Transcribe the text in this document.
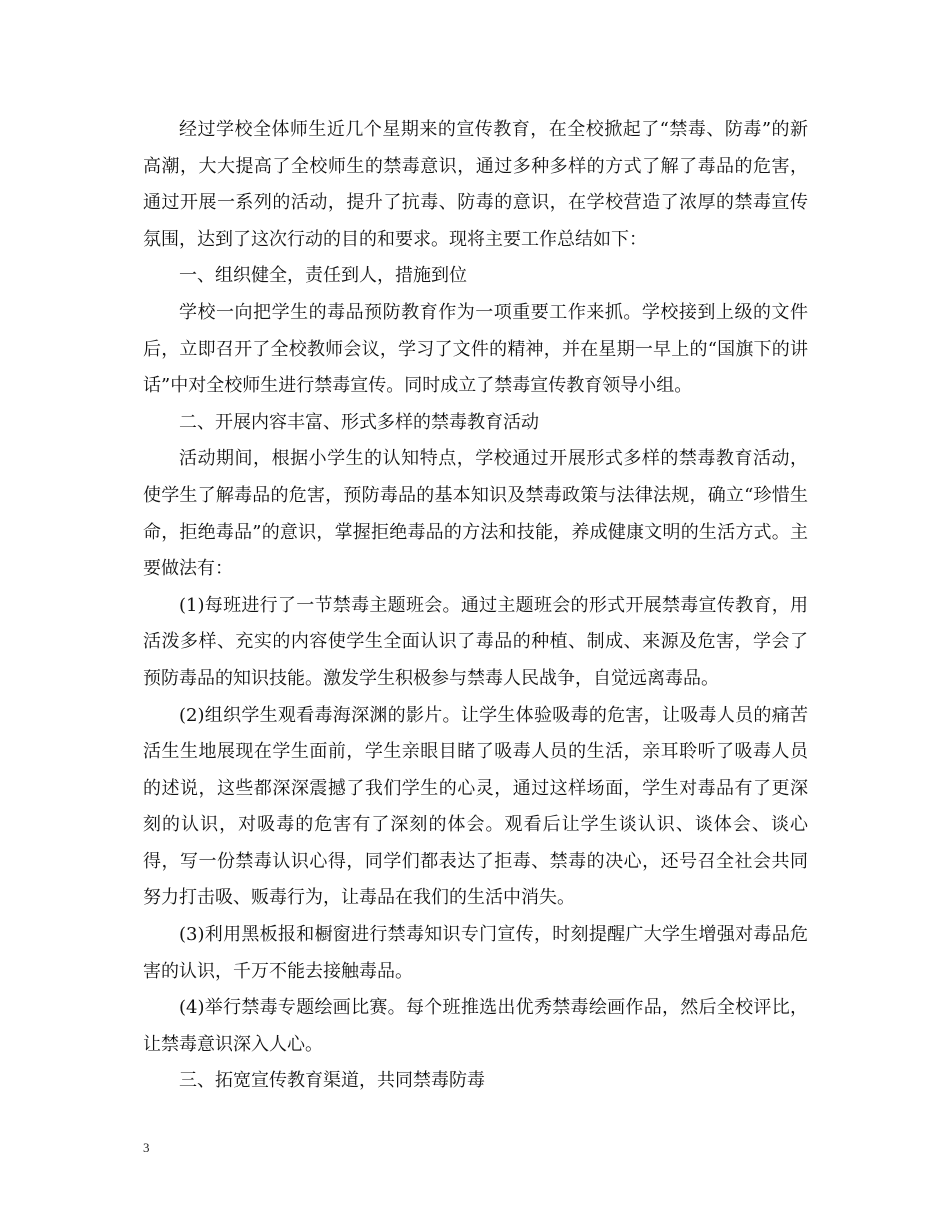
经过学校全体师生近几个星期来的宣传教育，在全校掀起了“禁毒、防毒”的新高潮，大大提高了全校师生的禁毒意识，通过多种多样的方式了解了毒品的危害，通过开展一系列的活动，提升了抗毒、防毒的意识，在学校营造了浓厚的禁毒宣传氛围，达到了这次行动的目的和要求。现将主要工作总结如下：

一、组织健全，责任到人，措施到位

学校一向把学生的毒品预防教育作为一项重要工作来抓。学校接到上级的文件后，立即召开了全校教师会议，学习了文件的精神，并在星期一早上的“国旗下的讲话”中对全校师生进行禁毒宣传。同时成立了禁毒宣传教育领导小组。

二、开展内容丰富、形式多样的禁毒教育活动

活动期间，根据小学生的认知特点，学校通过开展形式多样的禁毒教育活动，使学生了解毒品的危害，预防毒品的基本知识及禁毒政策与法律法规，确立“珍惜生命，拒绝毒品”的意识，掌握拒绝毒品的方法和技能，养成健康文明的生活方式。主要做法有：

(1)每班进行了一节禁毒主题班会。通过主题班会的形式开展禁毒宣传教育，用活泼多样、充实的内容使学生全面认识了毒品的种植、制成、来源及危害，学会了预防毒品的知识技能。激发学生积极参与禁毒人民战争，自觉远离毒品。

(2)组织学生观看毒海深渊的影片。让学生体验吸毒的危害，让吸毒人员的痛苦活生生地展现在学生面前，学生亲眼目睹了吸毒人员的生活，亲耳聆听了吸毒人员的述说，这些都深深震撼了我们学生的心灵，通过这样场面，学生对毒品有了更深刻的认识，对吸毒的危害有了深刻的体会。观看后让学生谈认识、谈体会、谈心得，写一份禁毒认识心得，同学们都表达了拒毒、禁毒的决心，还号召全社会共同努力打击吸、贩毒行为，让毒品在我们的生活中消失。

(3)利用黑板报和橱窗进行禁毒知识专门宣传，时刻提醒广大学生增强对毒品危害的认识，千万不能去接触毒品。

(4)举行禁毒专题绘画比赛。每个班推选出优秀禁毒绘画作品，然后全校评比，让禁毒意识深入人心。

三、拓宽宣传教育渠道，共同禁毒防毒

3
